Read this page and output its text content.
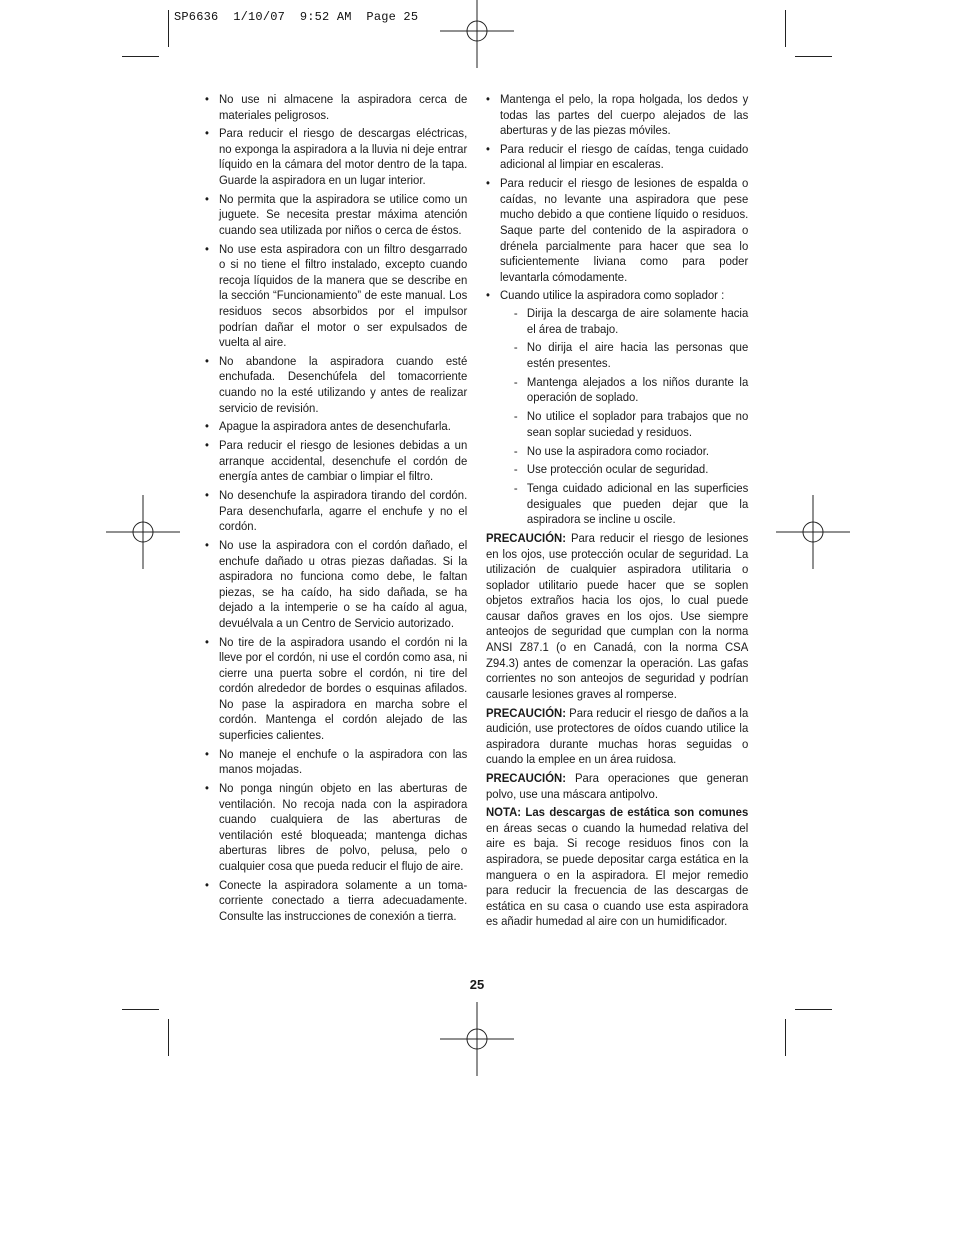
SP6636  1/10/07  9:52 AM  Page 25
• No use ni almacene la aspiradora cerca de materiales peligrosos.
• Para reducir el riesgo de descargas eléctricas, no exponga la aspiradora a la lluvia ni deje entrar líquido en la cámara del motor dentro de la tapa. Guarde la aspiradora en un lugar interior.
• No permita que la aspiradora se utilice como un juguete. Se necesita prestar máxima atención cuando sea utilizada por niños o cerca de éstos.
• No use esta aspiradora con un filtro desgarrado o si no tiene el filtro instalado, excepto cuando recoja líquidos de la manera que se describe en la sección “Funcionamiento” de este manual. Los residuos secos absorbidos por el impulsor podrían dañar el motor o ser expulsados de vuelta al aire.
• No abandone la aspiradora cuando esté enchufada. Desenchúfela del tomacorriente cuando no la esté utilizando y antes de realizar servicio de revisión.
• Apague la aspiradora antes de desenchufarla.
• Para reducir el riesgo de lesiones debidas a un arranque accidental, desenchufe el cordón de energía antes de cambiar o limpiar el filtro.
• No desenchufe la aspiradora tirando del cordón. Para desenchufarla, agarre el enchufe y no el cordón.
• No use la aspiradora con el cordón dañado, el enchufe dañado u otras piezas dañadas. Si la aspiradora no funciona como debe, le faltan piezas, se ha caído, ha sido dañada, se ha dejado a la intemperie o se ha caído al agua, devuélvala a un Centro de Servicio autorizado.
• No tire de la aspiradora usando el cordón ni la lleve por el cordón, ni use el cordón como asa, ni cierre una puerta sobre el cordón, ni tire del cordón alrededor de bordes o esquinas afilados. No pase la aspiradora en marcha sobre el cordón. Mantenga el cordón alejado de las superficies calientes.
• No maneje el enchufe o la aspiradora con las manos mojadas.
• No ponga ningún objeto en las aberturas de ventilación. No recoja nada con la aspiradora cuando cualquiera de las aberturas de ventilación esté bloqueada; mantenga dichas aberturas libres de polvo, pelusa, pelo o cualquier cosa que pueda reducir el flujo de aire.
• Conecte la aspiradora solamente a un toma-corriente conectado a tierra adecuadamente. Consulte las instrucciones de conexión a tierra.
• Mantenga el pelo, la ropa holgada, los dedos y todas las partes del cuerpo alejados de las aberturas y de las piezas móviles.
• Para reducir el riesgo de caídas, tenga cuidado adicional al limpiar en escaleras.
• Para reducir el riesgo de lesiones de espalda o caídas, no levante una aspiradora que pese mucho debido a que contiene líquido o residuos. Saque parte del contenido de la aspiradora o drénela parcialmente para hacer que sea lo suficientemente liviana como para poder levantarla cómodamente.
• Cuando utilice la aspiradora como soplador :
- Dirija la descarga de aire solamente hacia el área de trabajo.
- No dirija el aire hacia las personas que estén presentes.
- Mantenga alejados a los niños durante la operación de soplado.
- No utilice el soplador para trabajos que no sean soplar suciedad y residuos.
- No use la aspiradora como rociador.
- Use protección ocular de seguridad.
- Tenga cuidado adicional en las superficies desiguales que pueden dejar que la aspiradora se incline u oscile.

PRECAUCIÓN: Para reducir el riesgo de lesiones en los ojos, use protección ocular de seguridad. La utilización de cualquier aspiradora utilitaria o soplador utilitario puede hacer que se soplen objetos extraños hacia los ojos, lo cual puede causar daños graves en los ojos. Use siempre anteojos de seguridad que cumplan con la norma ANSI Z87.1 (o en Canadá, con la norma CSA Z94.3) antes de comenzar la operación. Las gafas corrientes no son anteojos de seguridad y podrían causarle lesiones graves al romperse.

PRECAUCIÓN: Para reducir el riesgo de daños a la audición, use protectores de oídos cuando utilice la aspiradora durante muchas horas seguidas o cuando la emplee en un área ruidosa.

PRECAUCIÓN: Para operaciones que generan polvo, use una máscara antipolvo.

NOTA: Las descargas de estática son comunes en áreas secas o cuando la humedad relativa del aire es baja. Si recoge residuos finos con la aspiradora, se puede depositar carga estática en la manguera o en la aspiradora. El mejor remedio para reducir la frecuencia de las descargas de estática en su casa o cuando use esta aspiradora es añadir humedad al aire con un humidificador.

25
